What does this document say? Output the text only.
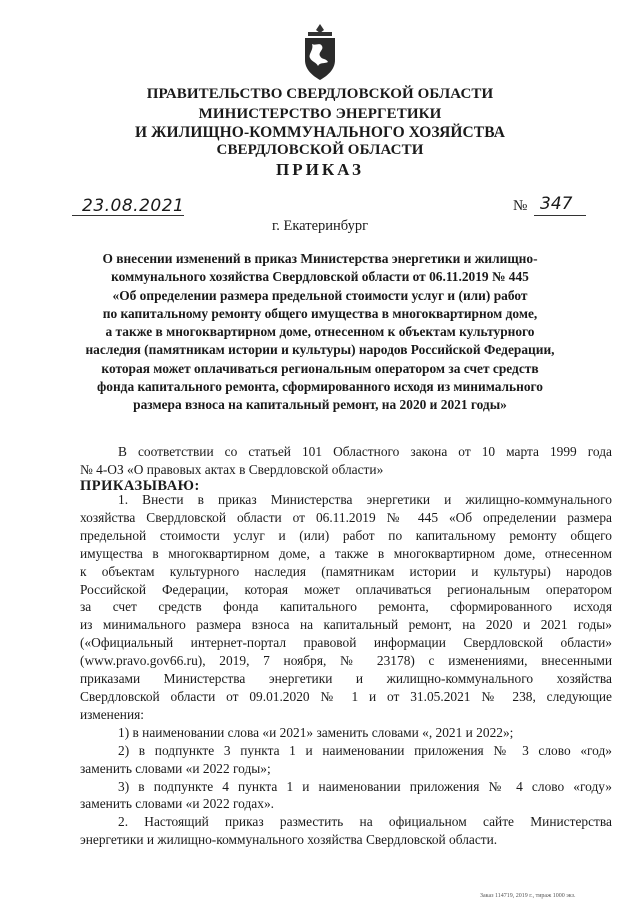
ПРАВИТЕЛЬСТВО СВЕРДЛОВСКОЙ ОБЛАСТИ
МИНИСТЕРСТВО ЭНЕРГЕТИКИ
И ЖИЛИЩНО-КОММУНАЛЬНОГО ХОЗЯЙСТВА
СВЕРДЛОВСКОЙ ОБЛАСТИ
ПРИКАЗ
23.08.2021	№ 347
г. Екатеринбург
О внесении изменений в приказ Министерства энергетики и жилищно-
коммунального хозяйства Свердловской области от 06.11.2019 № 445
«Об определении размера предельной стоимости услуг и (или) работ
по капитальному ремонту общего имущества в многоквартирном доме,
а также в многоквартирном доме, отнесенном к объектам культурного
наследия (памятникам истории и культуры) народов Российской Федерации,
которая может оплачиваться региональным оператором за счет средств
фонда капитального ремонта, сформированного исходя из минимального
размера взноса на капитальный ремонт, на 2020 и 2021 годы»
В соответствии со статьей 101 Областного закона от 10 марта 1999 года
№ 4-ОЗ «О правовых актах в Свердловской области»
ПРИКАЗЫВАЮ:
1. Внести в приказ Министерства энергетики и жилищно-коммунального
хозяйства Свердловской области от 06.11.2019 № 445 «Об определении размера
предельной стоимости услуг и (или) работ по капитальному ремонту общего
имущества в многоквартирном доме, а также в многоквартирном доме, отнесенном
к объектам культурного наследия (памятникам истории и культуры) народов
Российской Федерации, которая может оплачиваться региональным оператором
за счет средств фонда капитального ремонта, сформированного исходя
из минимального размера взноса на капитальный ремонт, на 2020 и 2021 годы»
(«Официальный интернет-портал правовой информации Свердловской области»
(www.pravo.gov66.ru), 2019, 7 ноября, № 23178) с изменениями, внесенными
приказами Министерства энергетики и жилищно-коммунального хозяйства
Свердловской области от 09.01.2020 № 1 и от 31.05.2021 № 238, следующие
изменения:
1) в наименовании слова «и 2021» заменить словами «, 2021 и 2022»;
2) в подпункте 3 пункта 1 и наименовании приложения № 3 слово «год»
заменить словами «и 2022 годы»;
3) в подпункте 4 пункта 1 и наименовании приложения № 4 слово «году»
заменить словами «и 2022 годах».
2. Настоящий приказ разместить на официальном сайте Министерства
энергетики и жилищно-коммунального хозяйства Свердловской области.
Заказ 114719, 2019 г., тираж 1000 экз.
